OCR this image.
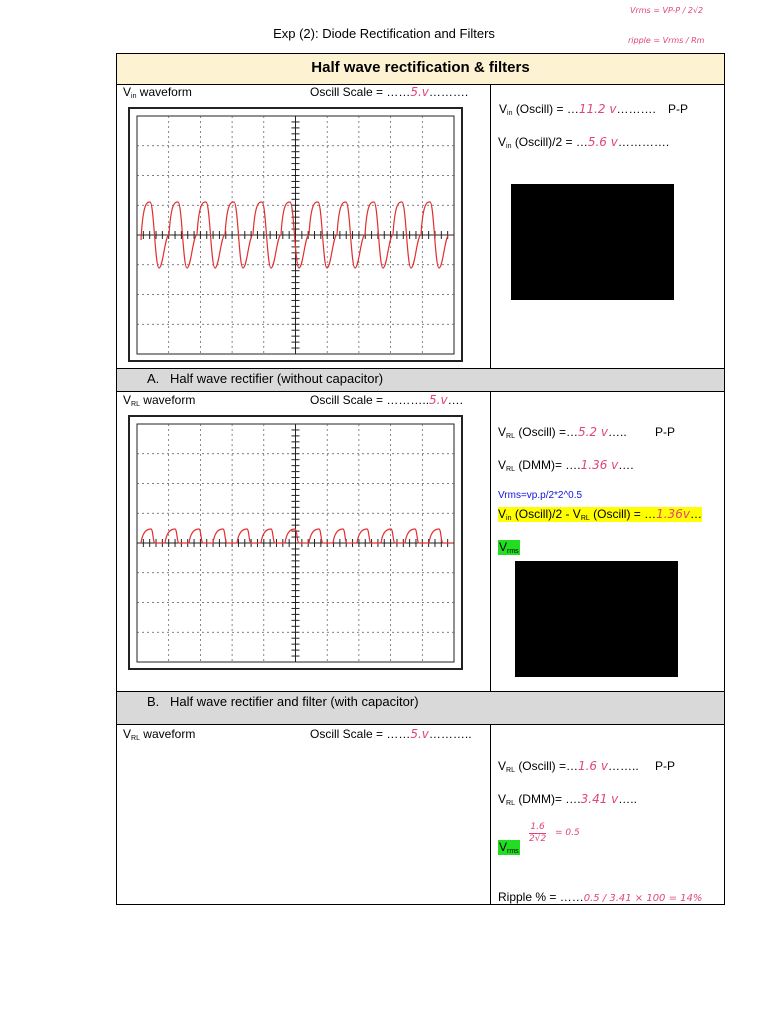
Exp (2): Diode Rectification and Filters
Vrms = VP-P / 2√2
ripple = Vrms / Rm
Half wave rectification & filters
A. Half wave rectifier (without capacitor)
B. Half wave rectifier and filter (with capacitor)
$V_{in}$ waveform	Oscill Scale = ……5.v……….
$V_{in}$ (Oscill) = …11.2 v………. P-P
$V_{in}$ (Oscill)/2 = …5.6 v………….
$V_{RL}$ waveform	Oscill Scale = ………..5.v….
$V_{RL}$ (Oscill) =…5.2 v….. P-P
$V_{RL}$ (DMM)= ….1.36 v….
Vrms=vp.p/2*2^0.5
$V_{in}$ (Oscill)/2 - $V_{RL}$ (Oscill) = …1.36v…
$V_{rms}$
$V_{RL}$ waveform	Oscill Scale = ……5.v………..
$V_{RL}$ (Oscill) =…1.6 v…….. P-P
$V_{RL}$ (DMM)= ….3.41 v…..
$V_{rms}$
1.6
2√2
= 0.5
Ripple % = ……0.5 / 3.41 × 100 = 14%
